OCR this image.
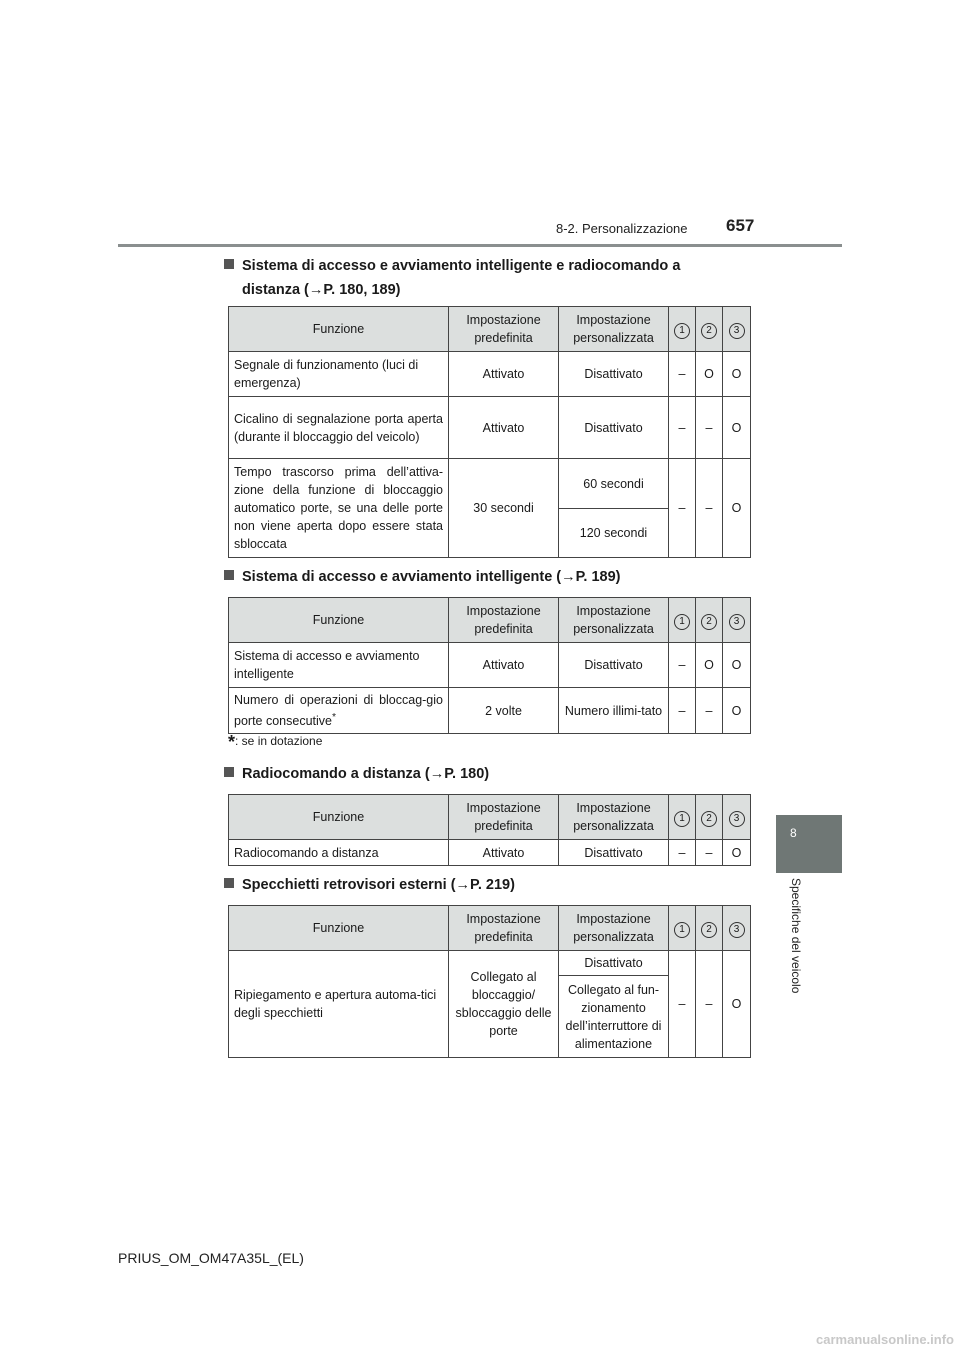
8-2. Personalizzazione 657
8
Specifiche del veicolo
Sistema di accesso e avviamento intelligente e radiocomando a
distanza (→P. 180, 189)
Funzione	Impostazione predefinita	Impostazione personalizzata	1	2	3
Segnale di funzionamento (luci di emergenza)	Attivato	Disattivato	–	O	O
Cicalino di segnalazione porta aperta (durante il bloccaggio del veicolo)	Attivato	Disattivato	–	–	O
Tempo trascorso prima dell’attiva-zione della funzione di bloccaggio automatico porte, se una delle porte non viene aperta dopo essere stata sbloccata	30 secondi	60 secondi	–	–	O
		120 secondi			
Sistema di accesso e avviamento intelligente (→P. 189)
Funzione	Impostazione predefinita	Impostazione personalizzata	1	2	3
Sistema di accesso e avviamento intelligente	Attivato	Disattivato	–	O	O
Numero di operazioni di bloccag-gio porte consecutive*	2 volte	Numero illimi-tato	–	–	O
*: se in dotazione
Radiocomando a distanza (→P. 180)
Funzione	Impostazione predefinita	Impostazione personalizzata	1	2	3
Radiocomando a distanza	Attivato	Disattivato	–	–	O
Specchietti retrovisori esterni (→P. 219)
Funzione	Impostazione predefinita	Impostazione personalizzata	1	2	3
Ripiegamento e apertura automa-tici degli specchietti	Collegato al bloccaggio/ sbloccaggio delle porte	Disattivato	–	–	O
		Collegato al fun-zionamento dell’interruttore di alimentazione			
PRIUS_OM_OM47A35L_(EL)
carmanualsonline.info
